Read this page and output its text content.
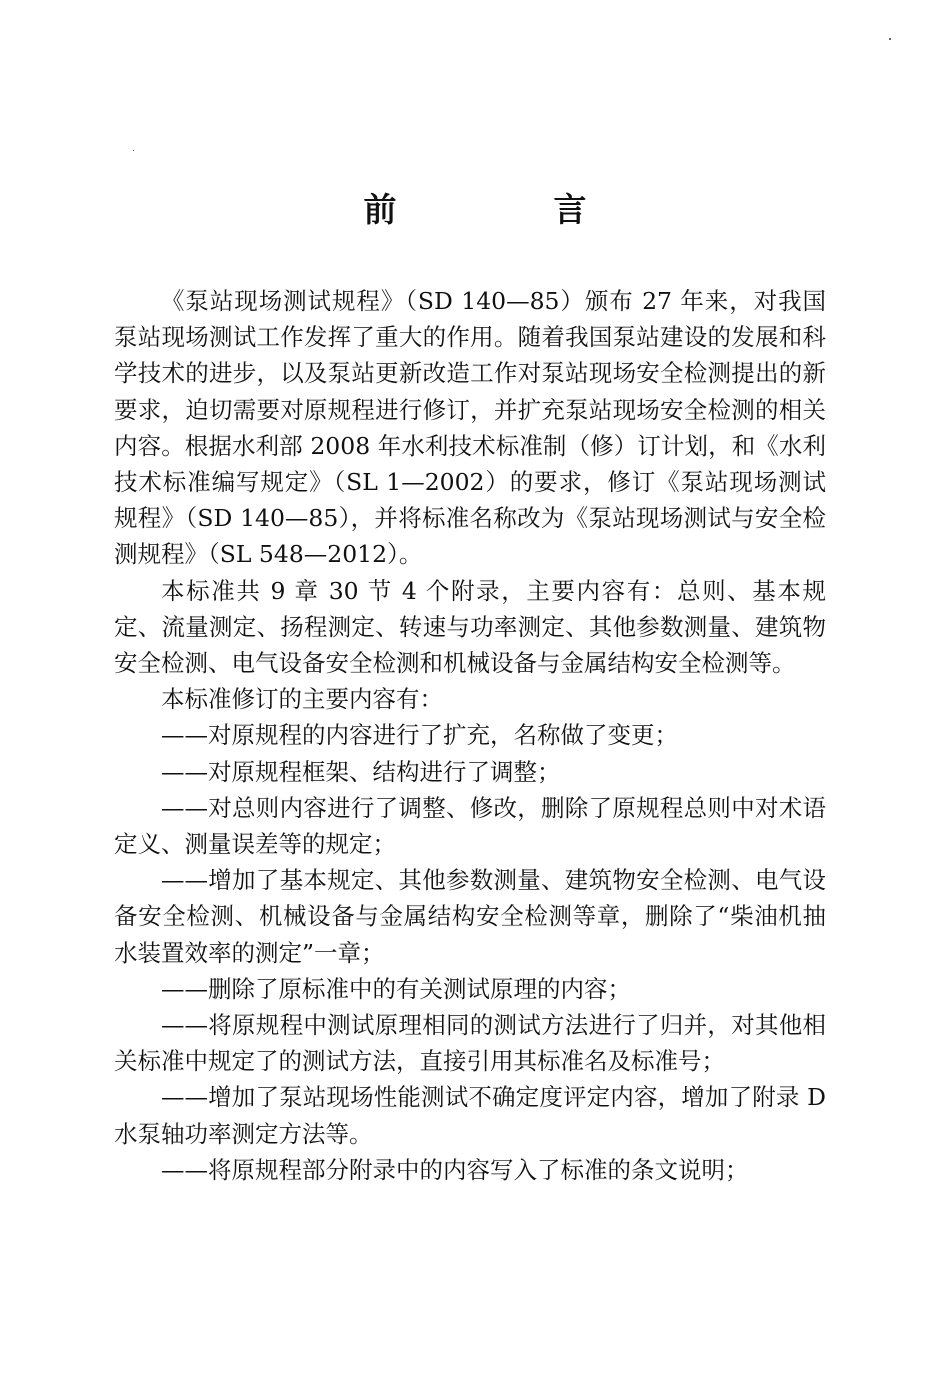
前　言

《泵站现场测试规程》（SD 140—85）颁布 27 年来，对我国泵站现场测试工作发挥了重大的作用。随着我国泵站建设的发展和科学技术的进步，以及泵站更新改造工作对泵站现场安全检测提出的新要求，迫切需要对原规程进行修订，并扩充泵站现场安全检测的相关内容。根据水利部 2008 年水利技术标准制（修）订计划，和《水利技术标准编写规定》（SL 1—2002）的要求，修订《泵站现场测试规程》（SD 140—85），并将标准名称改为《泵站现场测试与安全检测规程》（SL 548—2012）。

本标准共 9 章 30 节 4 个附录，主要内容有：总则、基本规定、流量测定、扬程测定、转速与功率测定、其他参数测量、建筑物安全检测、电气设备安全检测和机械设备与金属结构安全检测等。

本标准修订的主要内容有：

——对原规程的内容进行了扩充，名称做了变更；

——对原规程框架、结构进行了调整；

——对总则内容进行了调整、修改，删除了原规程总则中对术语定义、测量误差等的规定；

——增加了基本规定、其他参数测量、建筑物安全检测、电气设备安全检测、机械设备与金属结构安全检测等章，删除了“柴油机抽水装置效率的测定”一章；

——删除了原标准中的有关测试原理的内容；

——将原规程中测试原理相同的测试方法进行了归并，对其他相关标准中规定了的测试方法，直接引用其标准名及标准号；

——增加了泵站现场性能测试不确定度评定内容，增加了附录 D 水泵轴功率测定方法等。

——将原规程部分附录中的内容写入了标准的条文说明；
